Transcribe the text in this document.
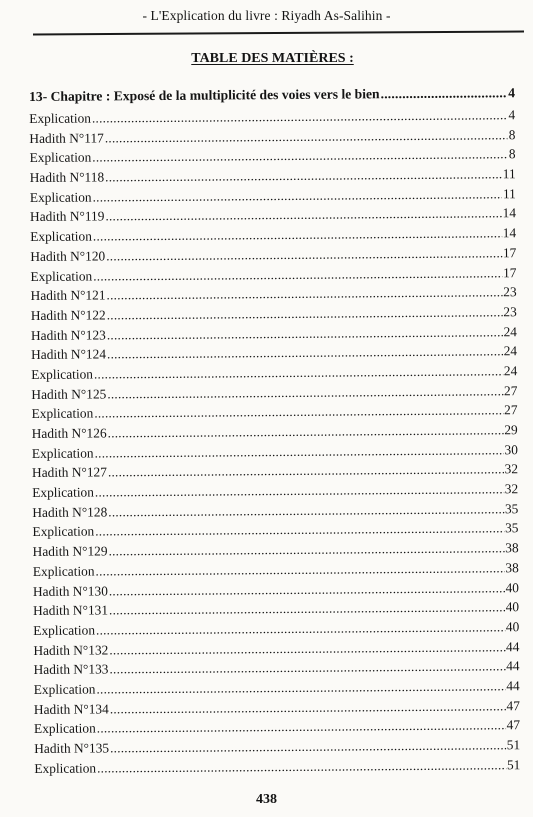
- L'Explication du livre : Riyadh As-Salihin -
TABLE DES MATIÈRES :
13- Chapitre : Exposé de la multiplicité des voies vers le bien .....	4
Explication .....	4
Hadith N°117 .....	8
Explication .....	8
Hadith N°118 .....	11
Explication .....	11
Hadith N°119 .....	14
Explication .....	14
Hadith N°120 .....	17
Explication .....	17
Hadith N°121 .....	23
Hadith N°122 .....	23
Hadith N°123 .....	24
Hadith N°124 .....	24
Explication .....	24
Hadith N°125 .....	27
Explication .....	27
Hadith N°126 .....	29
Explication .....	30
Hadith N°127 .....	32
Explication .....	32
Hadith N°128 .....	35
Explication .....	35
Hadith N°129 .....	38
Explication .....	38
Hadith N°130 .....	40
Hadith N°131 .....	40
Explication .....	40
Hadith N°132 .....	44
Hadith N°133 .....	44
Explication .....	44
Hadith N°134 .....	47
Explication .....	47
Hadith N°135 .....	51
Explication .....	51
438
